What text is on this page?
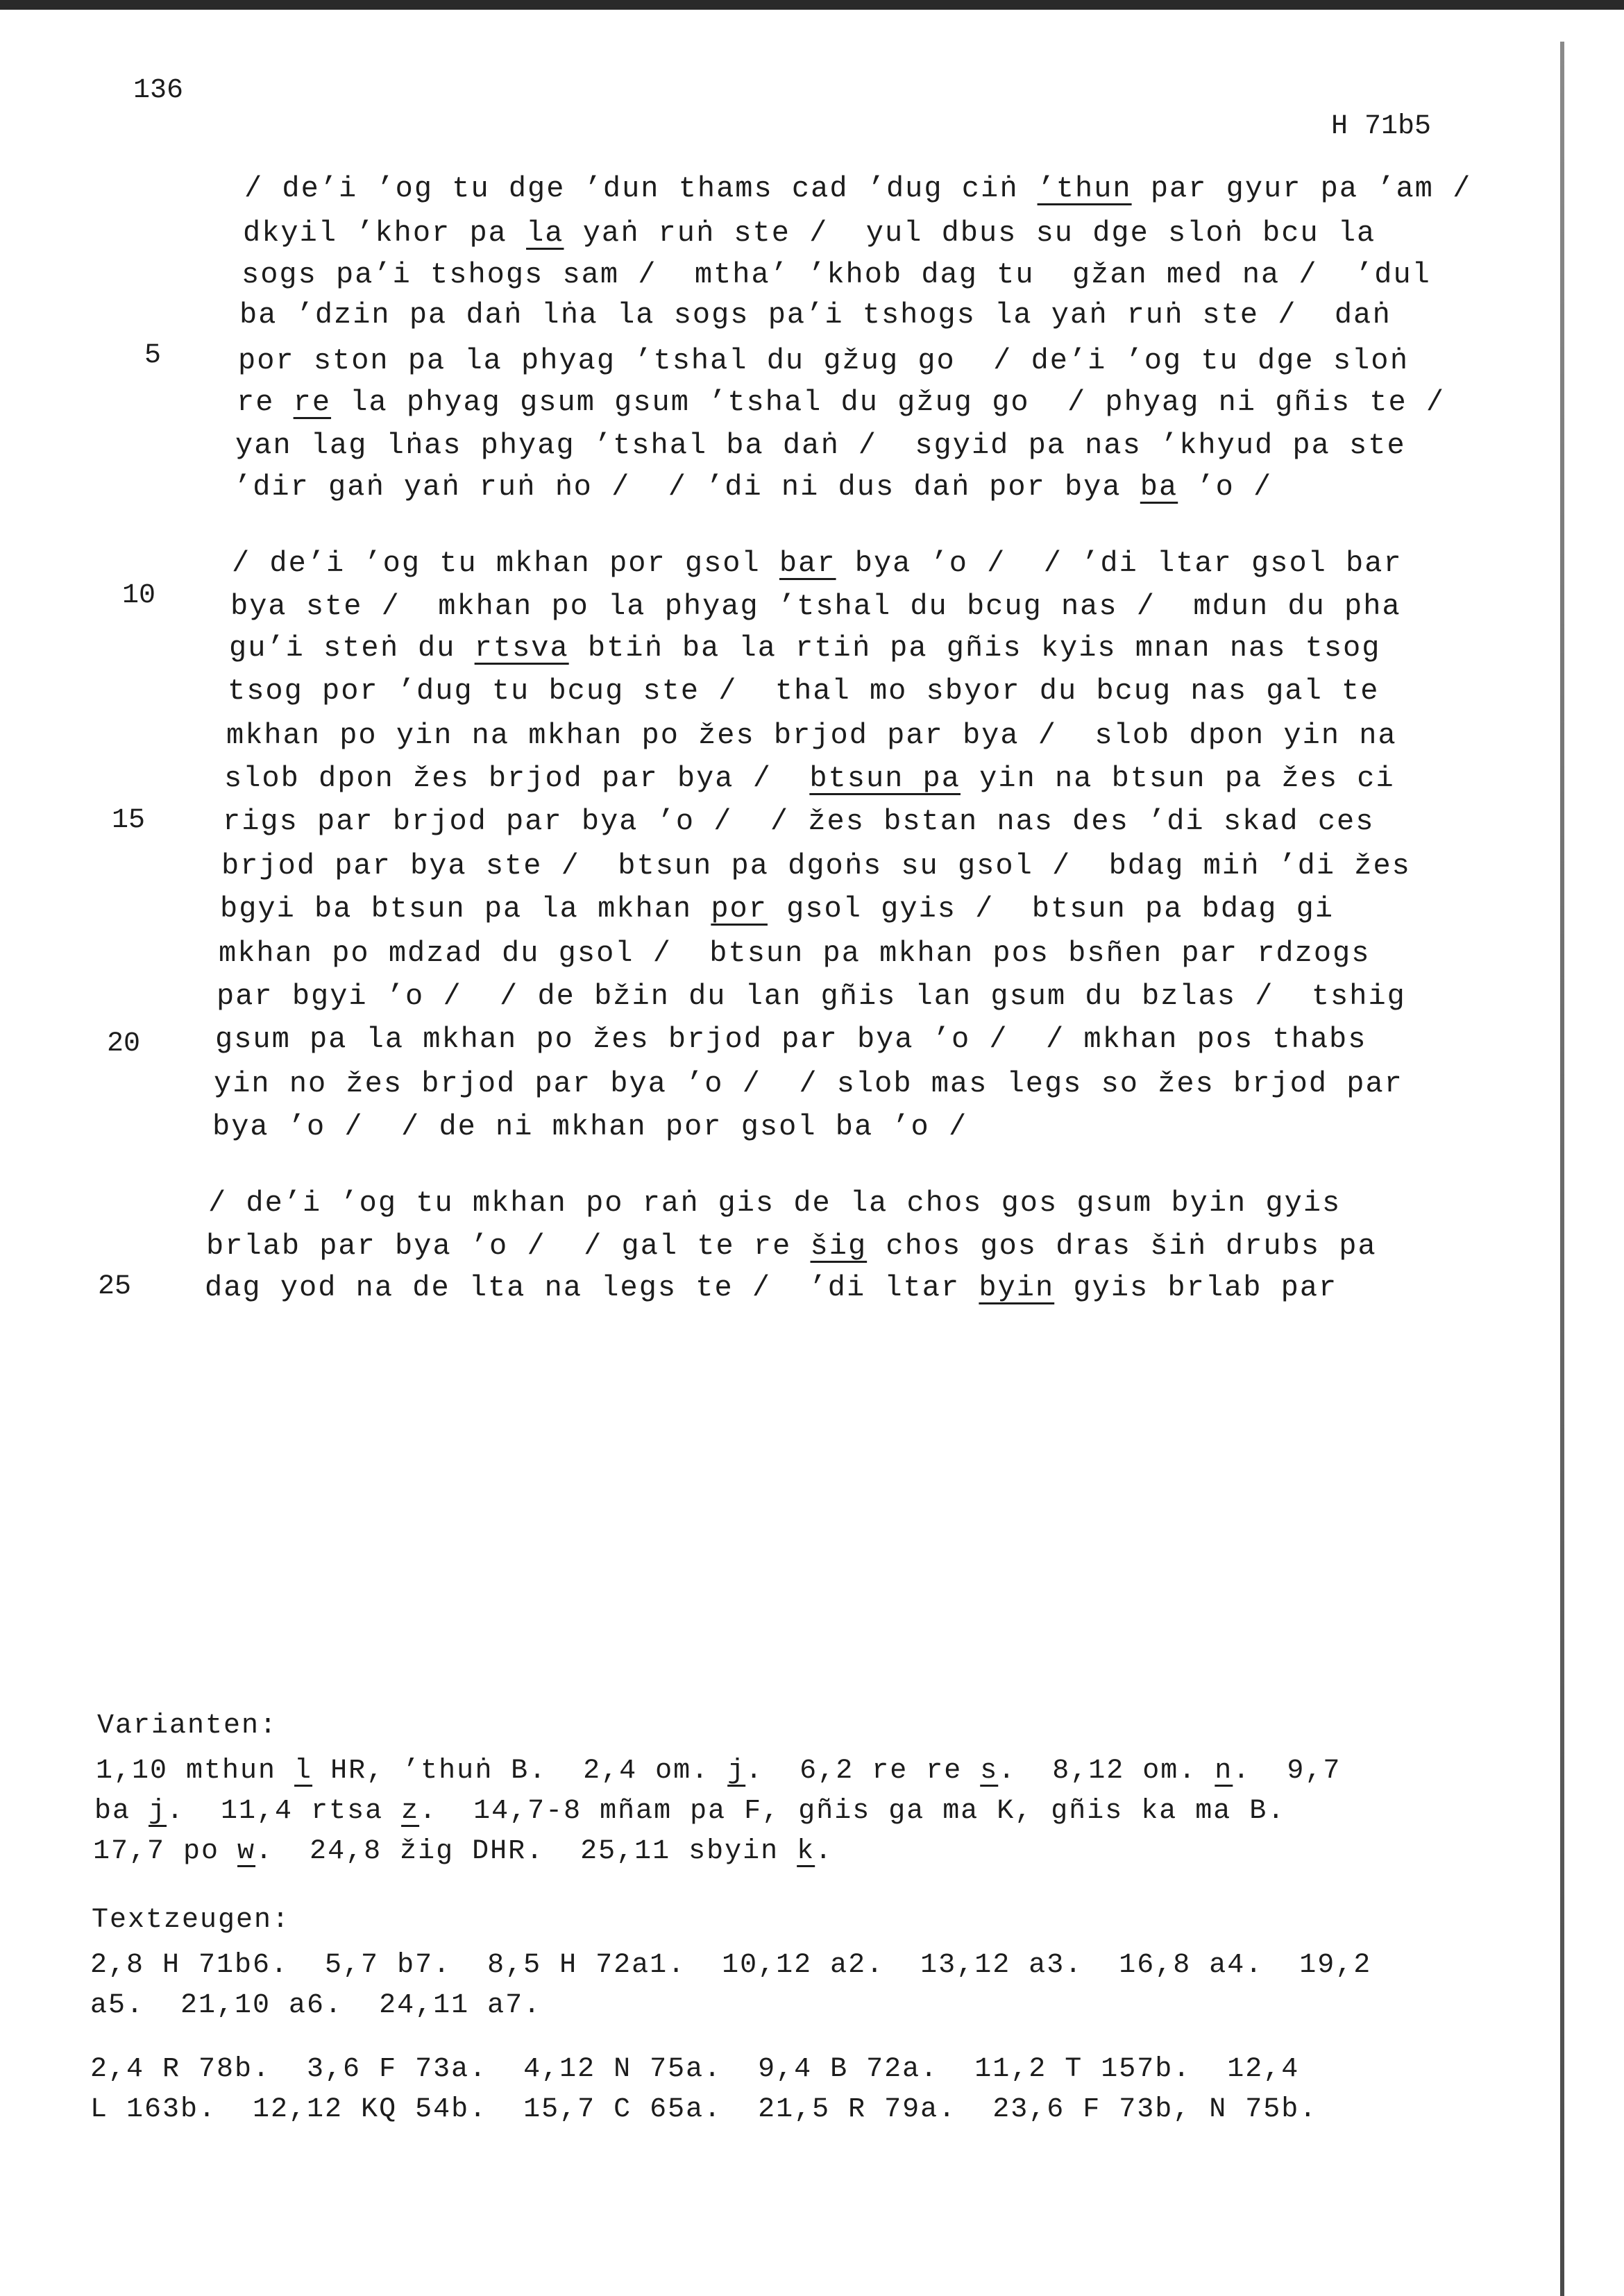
136
H 71b5
5
10
15
20
25
/ de’i ’og tu dge ’dun thams cad ’dug ciṅ ’thun par gyur pa ’am /
dkyil ’khor pa la yaṅ ruṅ ste /  yul dbus su dge sloṅ bcu la
sogs pa’i tshogs sam /  mtha’ ’khob dag tu  gžan med na /  ’dul
ba ’dzin pa daṅ lṅa la sogs pa’i tshogs la yaṅ ruṅ ste /  daṅ
por ston pa la phyag ’tshal du gžug go  / de’i ’og tu dge sloṅ
re re la phyag gsum gsum ’tshal du gžug go  / phyag ni gñis te /
yan lag lṅas phyag ’tshal ba daṅ /  sgyid pa nas ’khyud pa ste
’dir gaṅ yaṅ ruṅ ṅo /  / ’di ni dus daṅ por bya ba ’o /
/ de’i ’og tu mkhan por gsol bar bya ’o /  / ’di ltar gsol bar
bya ste /  mkhan po la phyag ’tshal du bcug nas /  mdun du pha
gu’i steṅ du rtsva btiṅ ba la rtiṅ pa gñis kyis mnan nas tsog
tsog por ’dug tu bcug ste /  thal mo sbyor du bcug nas gal te
mkhan po yin na mkhan po žes brjod par bya /  slob dpon yin na
slob dpon žes brjod par bya /  btsun pa yin na btsun pa žes ci
rigs par brjod par bya ’o /  / žes bstan nas des ’di skad ces
brjod par bya ste /  btsun pa dgoṅs su gsol /  bdag miṅ ’di žes
bgyi ba btsun pa la mkhan por gsol gyis /  btsun pa bdag gi
mkhan po mdzad du gsol /  btsun pa mkhan pos bsñen par rdzogs
par bgyi ’o /  / de bžin du lan gñis lan gsum du bzlas /  tshig
gsum pa la mkhan po žes brjod par bya ’o /  / mkhan pos thabs
yin no žes brjod par bya ’o /  / slob mas legs so žes brjod par
bya ’o /  / de ni mkhan por gsol ba ’o /
/ de’i ’og tu mkhan po raṅ gis de la chos gos gsum byin gyis
brlab par bya ’o /  / gal te re šig chos gos dras šiṅ drubs pa
dag yod na de lta na legs te /  ’di ltar byin gyis brlab par
Varianten:
1,10 mthun l HR, ’thuṅ B.  2,4 om. j.  6,2 re re s.  8,12 om. n.  9,7
ba j.  11,4 rtsa z.  14,7-8 mñam pa F, gñis ga ma K, gñis ka ma B.
17,7 po w.  24,8 žig DHR.  25,11 sbyin k.
Textzeugen:
2,8 H 71b6.  5,7 b7.  8,5 H 72a1.  10,12 a2.  13,12 a3.  16,8 a4.  19,2
a5.  21,10 a6.  24,11 a7.
2,4 R 78b.  3,6 F 73a.  4,12 N 75a.  9,4 B 72a.  11,2 T 157b.  12,4
L 163b.  12,12 KQ 54b.  15,7 C 65a.  21,5 R 79a.  23,6 F 73b, N 75b.
